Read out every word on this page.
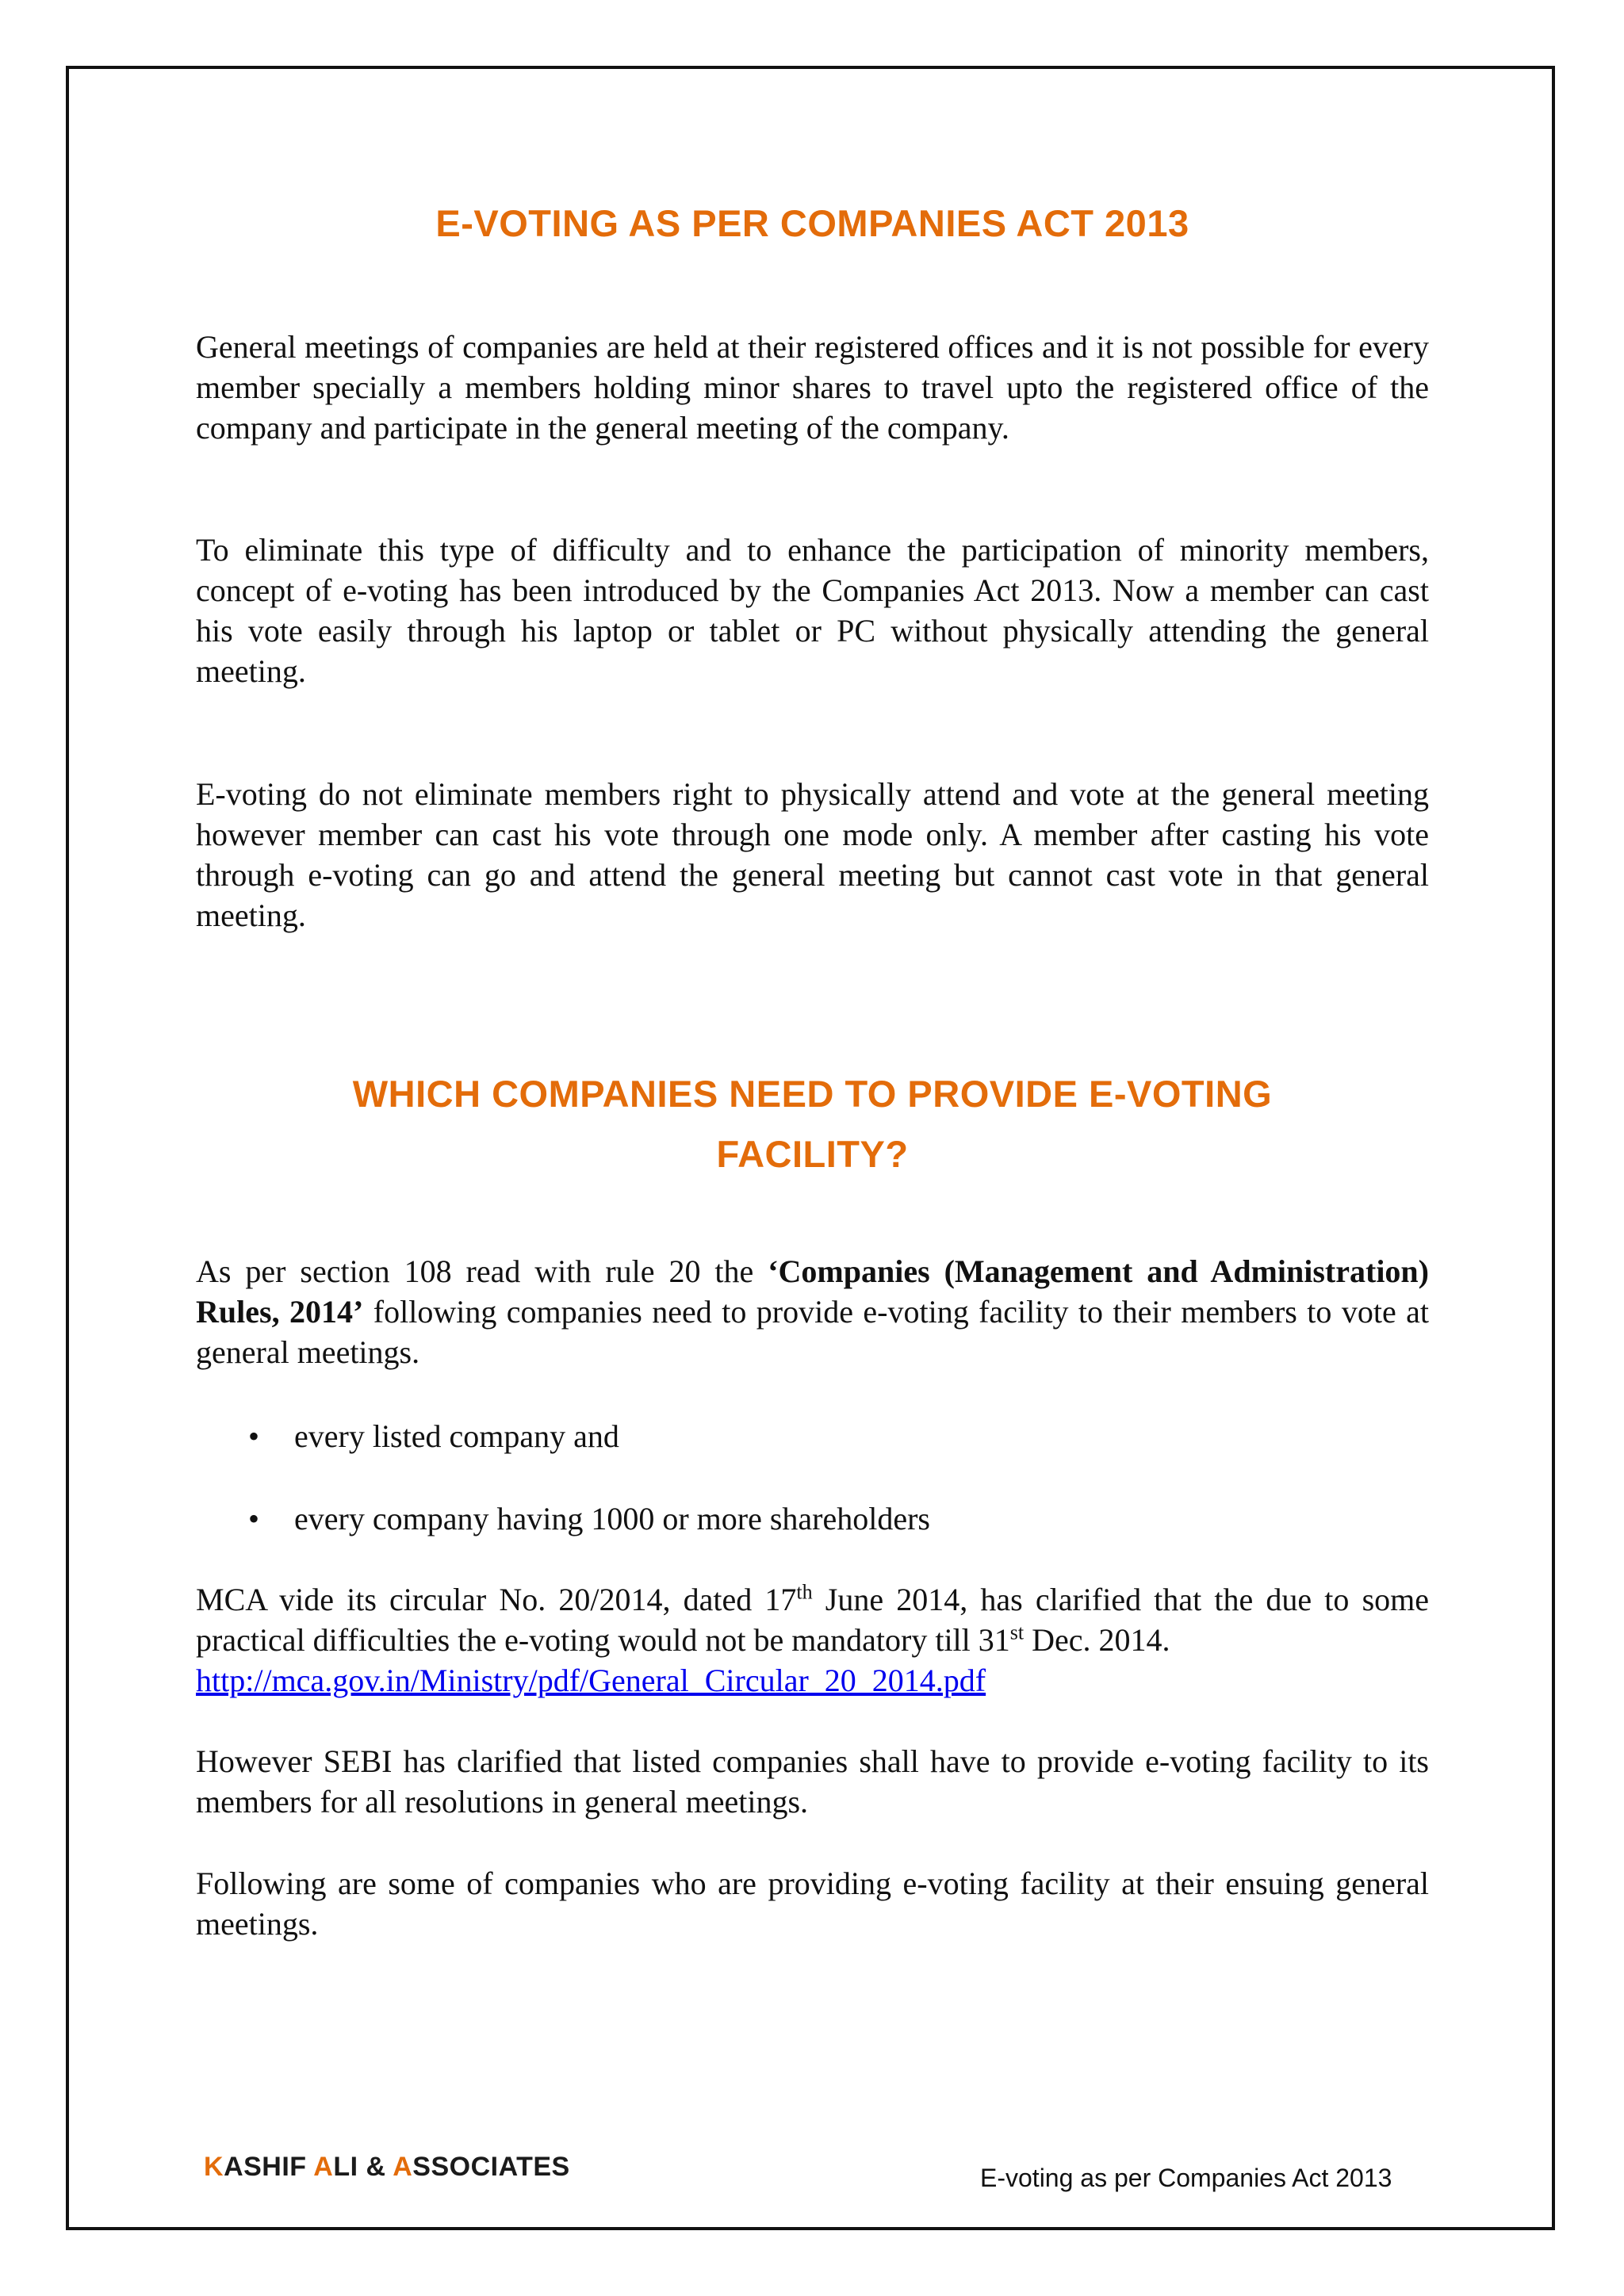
E-VOTING AS PER COMPANIES ACT 2013

General meetings of companies are held at their registered offices and it is not possible for every member specially a members holding minor shares to travel upto the registered office of the company and participate in the general meeting of the company.

To eliminate this type of difficulty and to enhance the participation of minority members, concept of e-voting has been introduced by the Companies Act 2013. Now a member can cast his vote easily through his laptop or tablet or PC without physically attending the general meeting.

E-voting do not eliminate members right to physically attend and vote at the general meeting however member can cast his vote through one mode only. A member after casting his vote through e-voting can go and attend the general meeting but cannot cast vote in that general meeting.

WHICH COMPANIES NEED TO PROVIDE E-VOTING
FACILITY?

As per section 108 read with rule 20 the ‘Companies (Management and Administration) Rules, 2014’ following companies need to provide e-voting facility to their members to vote at general meetings.

• every listed company and
• every company having 1000 or more shareholders

MCA vide its circular No. 20/2014, dated 17th June 2014, has clarified that the due to some practical difficulties the e-voting would not be mandatory till 31st Dec. 2014.
http://mca.gov.in/Ministry/pdf/General_Circular_20_2014.pdf

However SEBI has clarified that listed companies shall have to provide e-voting facility to its members for all resolutions in general meetings.

Following are some of companies who are providing e-voting facility at their ensuing general meetings.

KASHIF ALI & ASSOCIATES	E-voting as per Companies Act 2013
